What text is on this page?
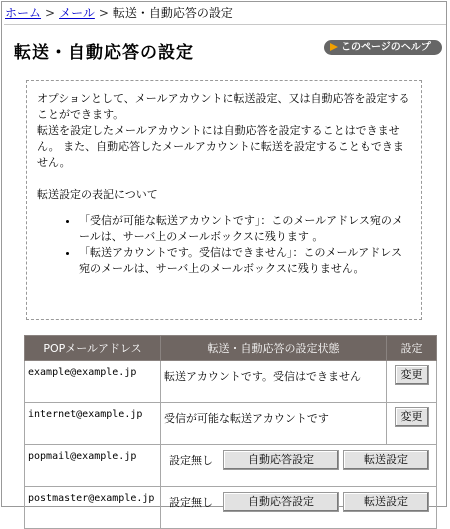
ホーム > メール > 転送・自動応答の設定
転送・自動応答の設定	このページのヘルプ

オプションとして、メールアカウントに転送設定、又は自動応答を設定することができます。

転送を設定したメールアカウントには自動応答を設定することはできません。 また、自動応答したメールアカウントに転送を設定することもできません。

転送設定の表記について

• 「受信が可能な転送アカウントです」：このメールアドレス宛のメールは、サーバ上のメールボックスに残ります 。
• 「転送アカウントです。受信はできません」：このメールアドレス宛のメールは、サーバ上のメールボックスに残りません。
POPメールアドレス	転送・自動応答の設定状態	設定
example@example.jp	転送アカウントです。受信はできません	変更
internet@example.jp	受信が可能な転送アカウントです	変更
popmail@example.jp	設定無し 自動応答設定 転送設定	
postmaster@example.jp	設定無し 自動応答設定 転送設定	
